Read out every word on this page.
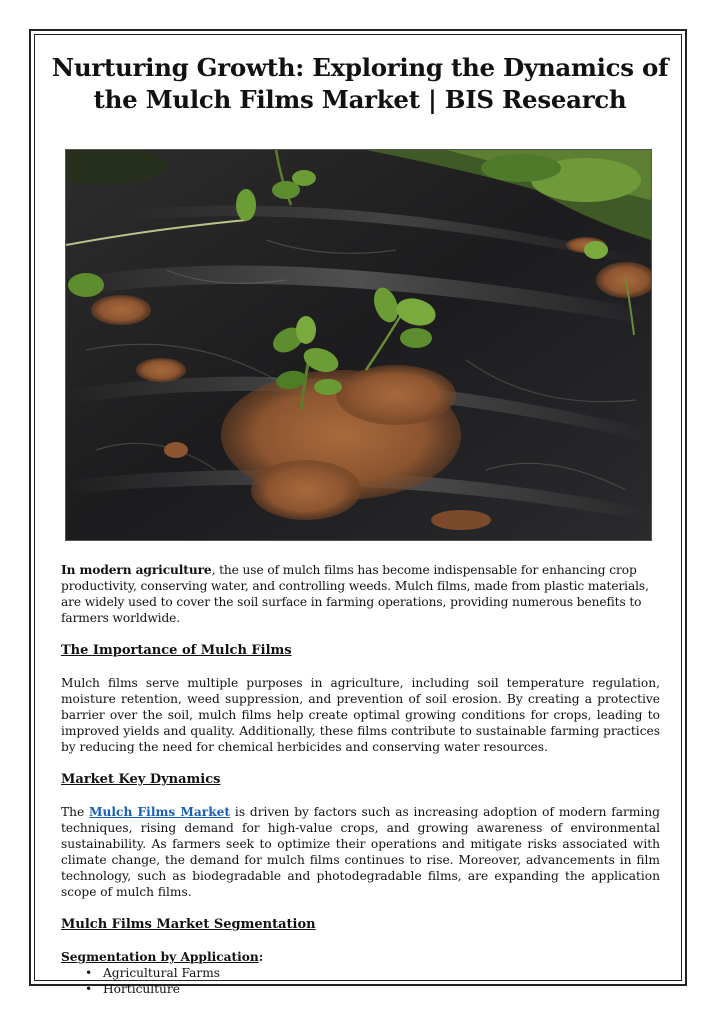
Nurturing Growth: Exploring the Dynamics of the Mulch Films Market | BIS Research

In modern agriculture, the use of mulch films has become indispensable for enhancing crop productivity, conserving water, and controlling weeds. Mulch films, made from plastic materials, are widely used to cover the soil surface in farming operations, providing numerous benefits to farmers worldwide.

The Importance of Mulch Films

Mulch films serve multiple purposes in agriculture, including soil temperature regulation, moisture retention, weed suppression, and prevention of soil erosion. By creating a protective barrier over the soil, mulch films help create optimal growing conditions for crops, leading to improved yields and quality. Additionally, these films contribute to sustainable farming practices by reducing the need for chemical herbicides and conserving water resources.

Market Key Dynamics

The Mulch Films Market is driven by factors such as increasing adoption of modern farming techniques, rising demand for high-value crops, and growing awareness of environmental sustainability. As farmers seek to optimize their operations and mitigate risks associated with climate change, the demand for mulch films continues to rise. Moreover, advancements in film technology, such as biodegradable and photodegradable films, are expanding the application scope of mulch films.

Mulch Films Market Segmentation

Segmentation by Application:

• Agricultural Farms
• Horticulture
